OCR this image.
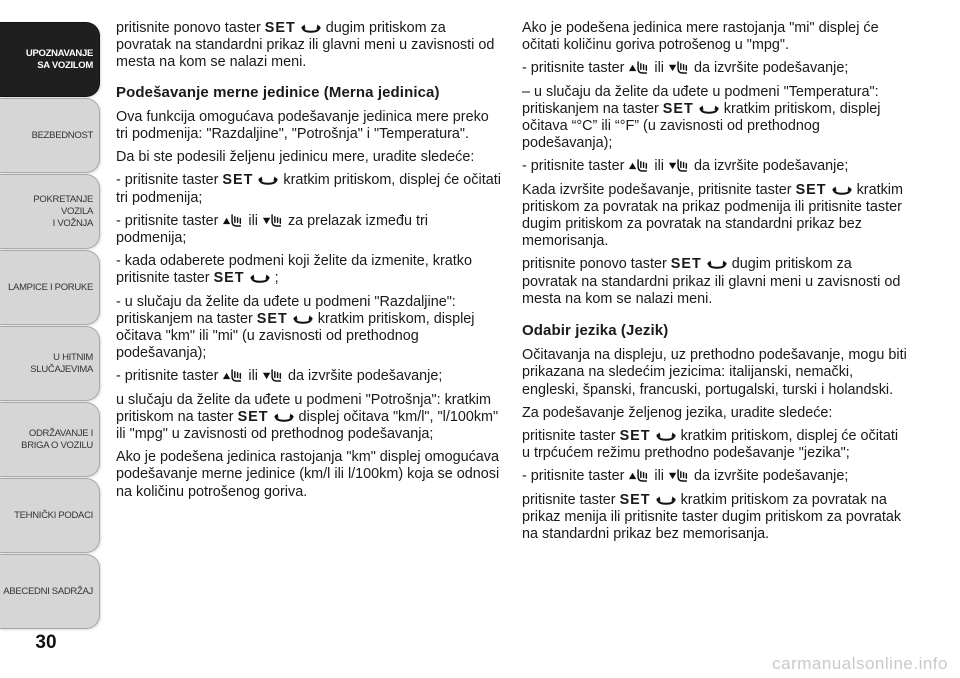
UPOZNAVANJE
SA VOZILOM
BEZBEDNOST
POKRETANJE VOZILA
I VOŽNJA
LAMPICE I PORUKE
U HITNIM
SLUČAJEVIMA
ODRŽAVANJE I
BRIGA O VOZILU
TEHNIČKI PODACI
ABECEDNI SADRŽAJ
30

pritisnite ponovo taster SET  dugim pritiskom za povratak na standardni prikaz ili glavni meni u zavisnosti od mesta na kom se nalazi meni.

Podešavanje merne jedinice (Merna jedinica)

Ova funkcija omogućava podešavanje jedinica mere preko tri podmenija: "Razdaljine", "Potrošnja" i "Temperatura".

Da bi ste podesili željenu jedinicu mere, uradite sledeće:

- pritisnite taster SET  kratkim pritiskom, displej će očitati tri podmenija;

- pritisnite taster  ili  za prelazak između tri podmenija;

- kada odaberete podmeni koji želite da izmenite, kratko pritisnite taster SET  ;

- u slučaju da želite da uđete u podmeni "Razdaljine": pritiskanjem na taster SET  kratkim pritiskom, displej očitava "km" ili "mi" (u zavisnosti od prethodnog podešavanja);

- pritisnite taster  ili  da izvršite podešavanje;

u slučaju da želite da uđete u podmeni "Potrošnja": kratkim pritiskom na taster SET  displej očitava "km/l", "l/100km" ili "mpg" u zavisnosti od prethodnog podešavanja;

Ako je podešena jedinica rastojanja "km" displej omogućava podešavanje merne jedinice (km/l ili l/100km) koja se odnosi na količinu potrošenog goriva.

Ako je podešena jedinica mere rastojanja "mi" displej će očitati količinu goriva potrošenog u "mpg".

- pritisnite taster  ili  da izvršite podešavanje;

– u slučaju da želite da uđete u podmeni "Temperatura": pritiskanjem na taster SET  kratkim pritiskom, displej očitava “°C” ili “°F” (u zavisnosti od prethodnog podešavanja);

- pritisnite taster  ili  da izvršite podešavanje;

Kada izvršite podešavanje, pritisnite taster SET  kratkim pritiskom za povratak na prikaz podmenija ili pritisnite taster dugim pritiskom za povratak na standardni prikaz bez memorisanja.

pritisnite ponovo taster SET  dugim pritiskom za povratak na standardni prikaz ili glavni meni u zavisnosti od mesta na kom se nalazi meni.

Odabir jezika (Jezik)

Očitavanja na displeju, uz prethodno podešavanje, mogu biti prikazana na sledećim jezicima: italijanski, nemački, engleski, španski, francuski, portugalski, turski i holandski.

Za podešavanje željenog jezika, uradite sledeće:

pritisnite taster SET  kratkim pritiskom, displej će očitati u trpćućem režimu prethodno podešavanje "jezika";

- pritisnite taster  ili  da izvršite podešavanje;

pritisnite taster SET  kratkim pritiskom za povratak na prikaz menija ili pritisnite taster dugim pritiskom za povratak na standardni prikaz bez memorisanja.

carmanualsonline.info
